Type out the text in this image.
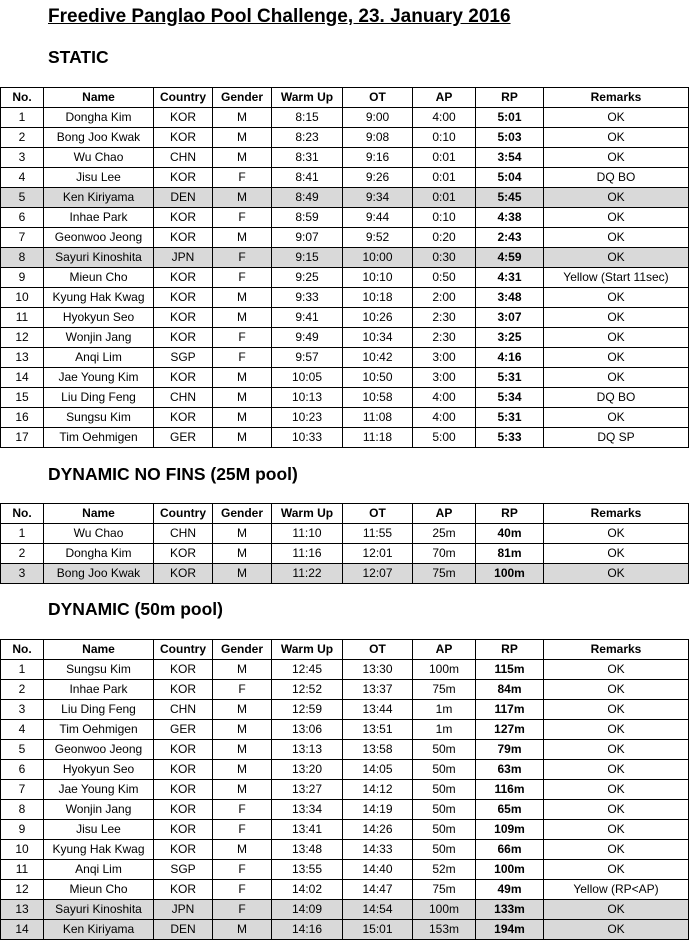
Freedive Panglao Pool Challenge, 23. January 2016
STATIC
No.	Name	Country	Gender	Warm Up	OT	AP	RP	Remarks
1	Dongha Kim	KOR	M	8:15	9:00	4:00	5:01	OK
2	Bong Joo Kwak	KOR	M	8:23	9:08	0:10	5:03	OK
3	Wu Chao	CHN	M	8:31	9:16	0:01	3:54	OK
4	Jisu Lee	KOR	F	8:41	9:26	0:01	5:04	DQ BO
5	Ken Kiriyama	DEN	M	8:49	9:34	0:01	5:45	OK
6	Inhae Park	KOR	F	8:59	9:44	0:10	4:38	OK
7	Geonwoo Jeong	KOR	M	9:07	9:52	0:20	2:43	OK
8	Sayuri Kinoshita	JPN	F	9:15	10:00	0:30	4:59	OK
9	Mieun Cho	KOR	F	9:25	10:10	0:50	4:31	Yellow (Start 11sec)
10	Kyung Hak Kwag	KOR	M	9:33	10:18	2:00	3:48	OK
11	Hyokyun Seo	KOR	M	9:41	10:26	2:30	3:07	OK
12	Wonjin Jang	KOR	F	9:49	10:34	2:30	3:25	OK
13	Anqi Lim	SGP	F	9:57	10:42	3:00	4:16	OK
14	Jae Young Kim	KOR	M	10:05	10:50	3:00	5:31	OK
15	Liu Ding Feng	CHN	M	10:13	10:58	4:00	5:34	DQ BO
16	Sungsu Kim	KOR	M	10:23	11:08	4:00	5:31	OK
17	Tim Oehmigen	GER	M	10:33	11:18	5:00	5:33	DQ SP
DYNAMIC NO FINS (25M pool)
No.	Name	Country	Gender	Warm Up	OT	AP	RP	Remarks
1	Wu Chao	CHN	M	11:10	11:55	25m	40m	OK
2	Dongha Kim	KOR	M	11:16	12:01	70m	81m	OK
3	Bong Joo Kwak	KOR	M	11:22	12:07	75m	100m	OK
DYNAMIC (50m pool)
No.	Name	Country	Gender	Warm Up	OT	AP	RP	Remarks
1	Sungsu Kim	KOR	M	12:45	13:30	100m	115m	OK
2	Inhae Park	KOR	F	12:52	13:37	75m	84m	OK
3	Liu Ding Feng	CHN	M	12:59	13:44	1m	117m	OK
4	Tim Oehmigen	GER	M	13:06	13:51	1m	127m	OK
5	Geonwoo Jeong	KOR	M	13:13	13:58	50m	79m	OK
6	Hyokyun Seo	KOR	M	13:20	14:05	50m	63m	OK
7	Jae Young Kim	KOR	M	13:27	14:12	50m	116m	OK
8	Wonjin Jang	KOR	F	13:34	14:19	50m	65m	OK
9	Jisu Lee	KOR	F	13:41	14:26	50m	109m	OK
10	Kyung Hak Kwag	KOR	M	13:48	14:33	50m	66m	OK
11	Anqi Lim	SGP	F	13:55	14:40	52m	100m	OK
12	Mieun Cho	KOR	F	14:02	14:47	75m	49m	Yellow (RP<AP)
13	Sayuri Kinoshita	JPN	F	14:09	14:54	100m	133m	OK
14	Ken Kiriyama	DEN	M	14:16	15:01	153m	194m	OK
